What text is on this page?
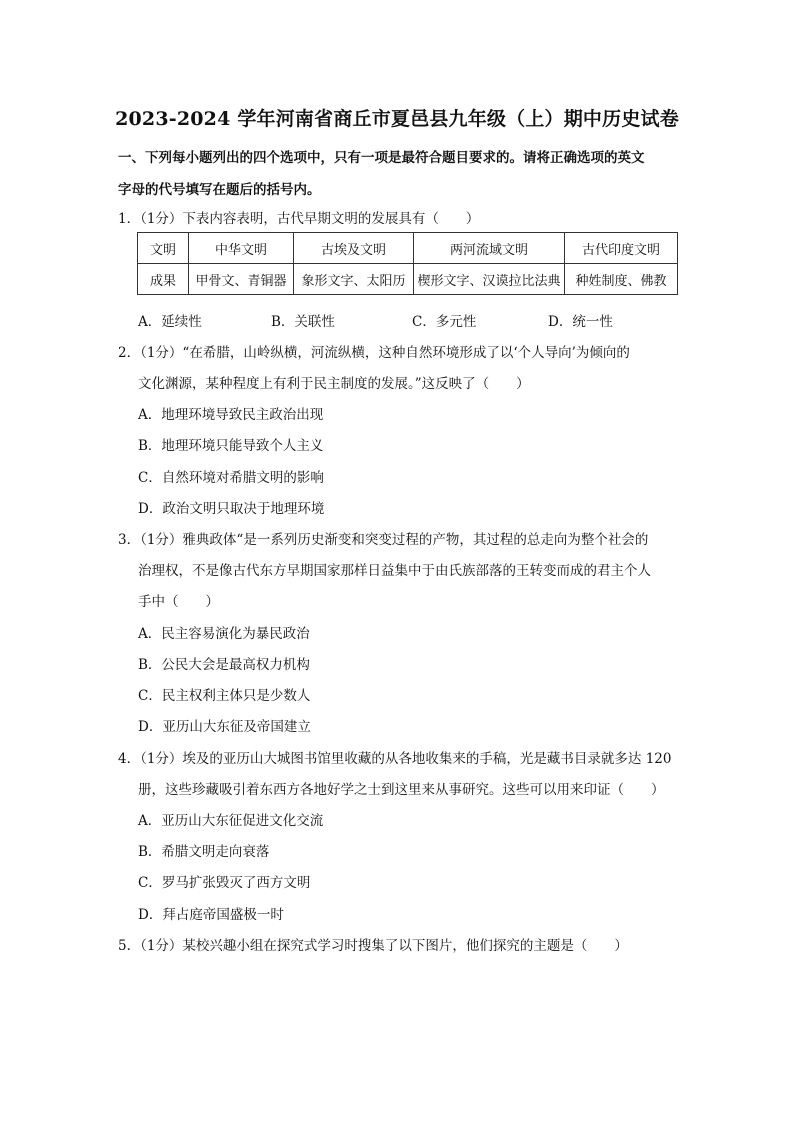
2023-2024 学年河南省商丘市夏邑县九年级（上）期中历史试卷
一、下列每小题列出的四个选项中，只有一项是最符合题目要求的。请将正确选项的英文
字母的代号填写在题后的括号内。
1．（1分）下表内容表明，古代早期文明的发展具有（　　）
文明	中华文明	古埃及文明	两河流域文明	古代印度文明
成果	甲骨文、青铜器	象形文字、太阳历	楔形文字、汉谟拉比法典	种姓制度、佛教
A．延续性	B．关联性	C．多元性	D．统一性
2．（1分）“在希腊，山岭纵横，河流纵横，这种自然环境形成了以‘个人导向’为倾向的
文化渊源，某种程度上有利于民主制度的发展。”这反映了（　　）
A．地理环境导致民主政治出现
B．地理环境只能导致个人主义
C．自然环境对希腊文明的影响
D．政治文明只取决于地理环境
3．（1分）雅典政体“是一系列历史渐变和突变过程的产物，其过程的总走向为整个社会的
治理权，不是像古代东方早期国家那样日益集中于由氏族部落的王转变而成的君主个人
手中（　　）
A．民主容易演化为暴民政治
B．公民大会是最高权力机构
C．民主权利主体只是少数人
D．亚历山大东征及帝国建立
4．（1分）埃及的亚历山大城图书馆里收藏的从各地收集来的手稿，光是藏书目录就多达 120
册，这些珍藏吸引着东西方各地好学之士到这里来从事研究。这些可以用来印证（　　）
A．亚历山大东征促进文化交流
B．希腊文明走向衰落
C．罗马扩张毁灭了西方文明
D．拜占庭帝国盛极一时
5．（1分）某校兴趣小组在探究式学习时搜集了以下图片，他们探究的主题是（　　）
